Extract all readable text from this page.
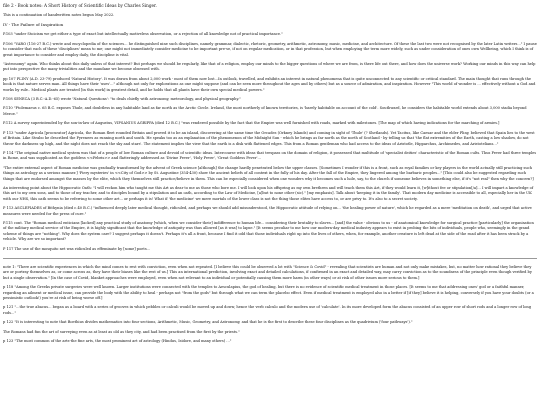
file 2 - Book notes: A Short History of Scientific Ideas by Charles Singer.

This is a continuation of handwritten notes begun May 2022.

IV - The Failure of Inspiration

P.103 "under Stoicism we get either a type of exact but intellectually motiveless observation, or a rejection of all knowledge not of practical importance."

P.106 "VARO (116-27 B.C.) wrote and encyclopedia of the sciences... he distinguished nine such disciplines, namely grammar, dialectic, rhetoric, geometry, arithmetic, astronomy, music, medicine, and architecture. Of these the last two were not recognised by the later Latin writers..." I pause to consider that each of these 'disciplines' mean to me; one might not immediately consider medicine to be important pre-se, if not on regular medication, or in that profession, but when employing the term more widely, such as under consideration of ones own Wellbeing, which I think is of great importance to consider and employ daily, the discipline is vital.

"Astronomy" again. Who thinks about this daily unless of that interest? But perhaps we should be regularly, like that of a religion, employ our minds to the bigger questions of where we are from, is there life out there, and how does the universe work? Working our minds in this way can help put into perspective the many trivialities and the mundane we become obsessed with.

pp 107 PLINY (A.D. 23-79) produced 'Natural History'. It was drawn from about 2,000 work - most of them now lost...In outlook, travelled, and exhibits an interest in natural phenomena that is quite unconnected to any scientific or critical standard. The main thought that runs through the book is that nature serves man. All things have their 'uses'..." although not only for explorations as one might suppose (and can be seen more throughout the ages and by others) but as a source of admiration, and inspiration. However "This world of wonder is ... effectively without a God and works by rule.. Medical plants are treated [in this work] in greatest detail, and he holds that all plants have their own special medical powers."

P.108 SENECA (3 B.C.-A.D.-65) wrote 'Natural Questions': "to deals chiefly with astronomy, meteorology, and physical geography."

P.110 "Ptolemaeus c. 65 B.C. exposes Thule, and doubtless in any habitable land as far north as the Arctic Circle. Ireland, the most northerly of known territories, is 'barely habitable on account of the cold'. Southward, he considers the habitable world extends about 3,000 stadia beyond Meroe."

P.112 A survey superintended by the son-in-law of Augustus, VIPSANIUS AGRIPPA (died 12 B.C.) "was rendered possible by the fact that the Empire was well furnished with roads, marked with milestones. [The map of which having indications for the marching of armies.]

P 113 "under Agricola [procurator] Agricola, the Roman fleet rounded Britain and proved it to be an island, discovering at the same time the Orcades (Orkney Islands) and coming in sight of 'Thule' (? Shetlands). Yet Tacitus, like Caesar and the elder Pliny, believed that Spain lies to the west of Britain. Like Strabo he described the Pyrenees as running north and south. He speaks too as an explanation of the phenomenon of the Midnight Sun - which he brings as far north as the north of Scotland - by telling us that 'the flat extremities of the Earth, casting a low shadow, do not throw the darkness up high, and the night does not reach the sky and stars'. The statement implies the view that the earth is a disk with flattened edges. This from a Roman gentleman who had access to the ideas of Aristotle, Hipparchus, Archimedes, and Aristotelians..."

P 114 "The original native medical system was that of a people of low Roman culture and devoid of scientific ideas. Intercourse with ideas that trespass on the domain of religion, it possessed that multitude of 'specialist deities' characteristic of the Roman cults. Thus Fever had three temples in Rome, and was supplicated as the goddess <<Febris>> and flatteringly addressed as 'Divine Fever', 'Holy Fever', 'Great Goddess Fever'...

"The entire external aspect of Roman medicine was gradually transformed by the advent of Greek science [although] the change hardly penetrated below the upper classes. [Sometimes I wonder if this is a front, such as royal families or key players in the world actually still practicing such things as astrology as a serious manner.] 'Fiery mysteries' in <<City of God>> by St. Augustine (354-430) show the ancient beliefs of all context in the fully of his day. After the fall of the Empire, they lingered among the barbaric peoples..." [This could also be suggested regarding such things that are endorsed amongst the masses by the elite, which they themselves still practice/believe in them. This can be especially considered when one wonders why it becomes such a hole, say, to the church if someone believes in something else, if it's "not real" then why the concern?]

An interesting point about the Hippocratic Oath: "I will reckon him who taught me this Art as dear to me as those who bore me. I will look upon his offspring as my own brethren and will teach them this Art, if they would learn it, [w]ithout fee or stipulation[/a]... I will impart a knowledge of this art to my own sons, and to those of my teacher, and to disciples bound by a stipulation and an oath, according to the Law of Medicine, [a]but to none other (sic)." [my emphasis]. Talk about 'keeping it in the family'. That modern day medicine is accessible to all, especially her in the UK with our NHS, this oath seems to be referring to some other art... or perhaps it is! What if 'the medicine' we mere mortals of the lower class is not the thing those elites have access to, or are privy to. It's also to a secret society.

P 113 ASCLEPIADES of Bithynia (died c.40 B.C.) "influenced deeply later medical thought, ridiculed, and perhaps we should add misunderstood, the Hippocratic attitude of relying on... 'the healing power of nature', which he regarded as a mere 'meditation on death', and urged that active measures were needed for the press of cure."

P.115 cont. The "Roman medical enticians [lacked] any practical study of anatomy [which, when we consider their] indifference to human life... considering their brutality to slaves... [and] the value - obvious to us - of anatomical knowledge for surgical practice [particularly] the organisation of the military medical service of the Empire, it is highly significant that the knowledge of antiquity was thus allowed [as it was] to lapse." [It seems peculiar to me how our modern-day medical industry appears to exist in probing the bits of individuals, people who, seemingly in the grand scheme of things are "nothing". Why does the system care? I suggest perhaps it doesn't. Perhaps it's all a front, because I find it odd that those individuals right up into the lives of others, when, for example, another creature is left dead at the side of the road after it has been struck by a vehicle. Why are we so important?

P 117 The use of the mosquito net was ridiculed as effeminate by [some] poets...

note 1: "There are scientific experiences in which the mind comes to rest with conviction, even when not repeated. [I believe this could be observed a lot with "Science & Covid" - revealing that scientists are human and not only make mistakes, but, no matter how rational they believe they are or portray themselves as, or come across as, they have their biases like the rest of us.] This an international prediction, involving exact and detailed calculations, if confirmed in an exact and detailed way, may carry conviction as to the soundness of the principle even though verified by but a single observation." [In the case of Covid, blanket approaches were employed, even when not relevant to an individual or potentially causing them more harm (in other ways) or at risk of other issues more serious to them.]

p 118 "Among the Greeks private surgeries were well known. Larger institutions were connected with the temples to Aesculapius, the god of healing, but there is no evidence of scientific medical treatment in those places. [It seems to me that addressing ones' god or a faithful manner, regarding an ailment or medical issue, can provide the body with the ability to heal - perhaps not "from the gods" but through what we can term the placebo effect. Even if medical treatment is employed also in a better if [if they] believe it is helping, conversely if you have your doubts (or a pessimistic outlook!) you're at risk of being worse off.]

p 121 "...the true abacus... began as a board with a series of grooves in which pebbles or calculi would be moved up and down; hence the verb calculo and the modern use of 'calculate'. In its more developed form the abacus consisted of an upper row of short rods and a longer row of long rods..."

p 122 "It is interesting to note that Boethius divides mathematics into four sections, Arithmetic, Music, Geometry, and Astronomy, and that he is the first to describe these four disciplines as the quadrivium ('four pathways')."

The Romans had fun the art of surveying even as at least as old as they city, and had been practised from the first by the priests."

p 123 "The most common of the arts-the fine arts, the most prominent art of astrology (Hindus, Isidore, and many others) ..."
